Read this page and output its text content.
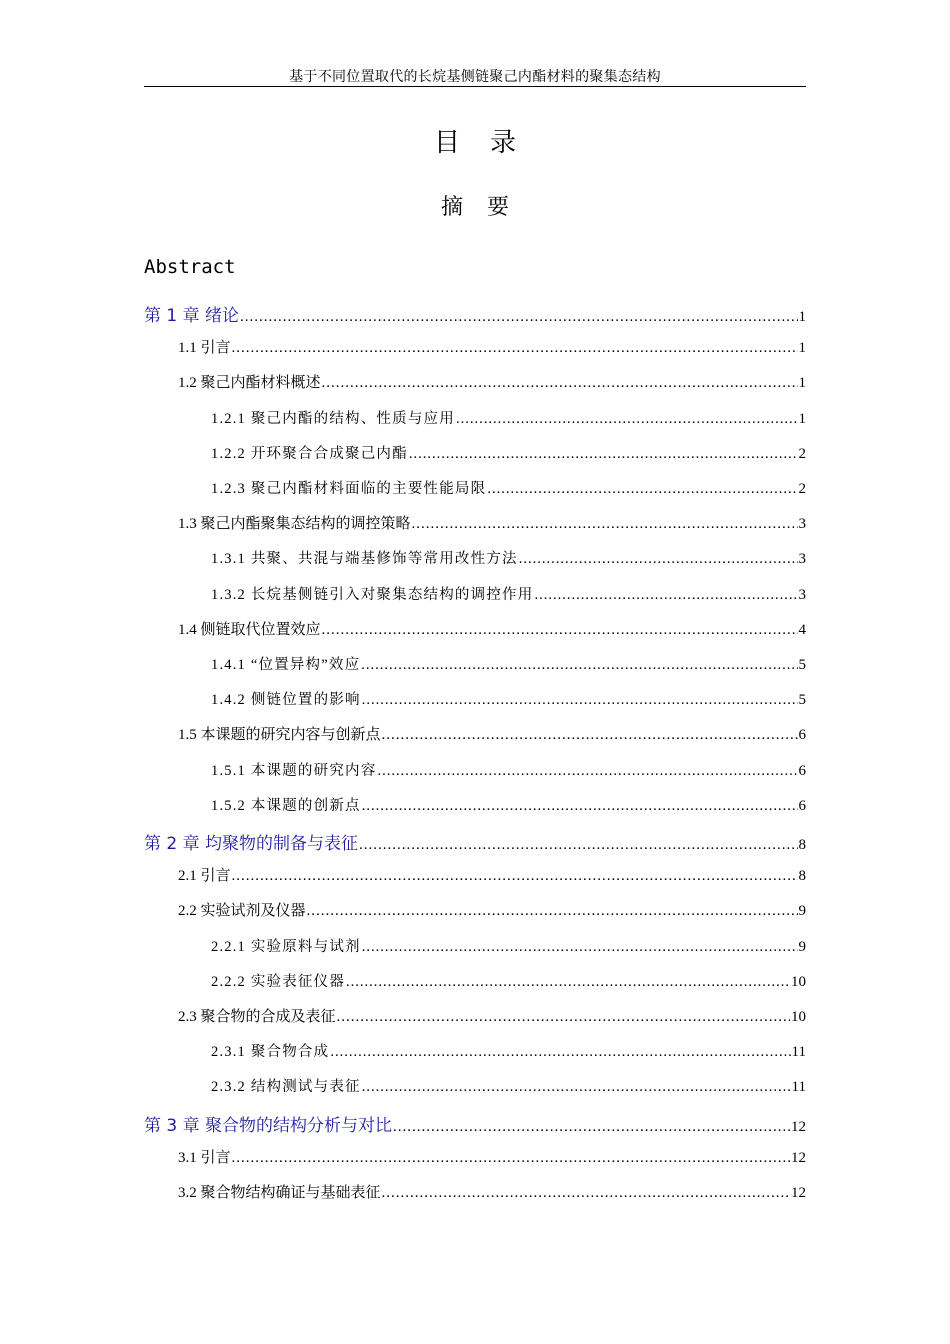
基于不同位置取代的长烷基侧链聚己内酯材料的聚集态结构
目录
摘要
Abstract
第 1 章 绪论 .....	1
1.1 引言 .....	1
1.2 聚己内酯材料概述 .....	1
1.2.1 聚己内酯的结构、性质与应用 .....	1
1.2.2 开环聚合合成聚己内酯 .....	2
1.2.3 聚己内酯材料面临的主要性能局限 .....	2
1.3 聚己内酯聚集态结构的调控策略 .....	3
1.3.1 共聚、共混与端基修饰等常用改性方法 .....	3
1.3.2 长烷基侧链引入对聚集态结构的调控作用 .....	3
1.4 侧链取代位置效应 .....	4
1.4.1 “位置异构”效应 .....	5
1.4.2 侧链位置的影响 .....	5
1.5 本课题的研究内容与创新点 .....	6
1.5.1 本课题的研究内容 .....	6
1.5.2 本课题的创新点 .....	6
第 2 章 均聚物的制备与表征 .....	8
2.1 引言 .....	8
2.2 实验试剂及仪器 .....	9
2.2.1 实验原料与试剂 .....	9
2.2.2 实验表征仪器 .....	10
2.3 聚合物的合成及表征 .....	10
2.3.1 聚合物合成 .....	11
2.3.2 结构测试与表征 .....	11
第 3 章 聚合物的结构分析与对比 .....	12
3.1 引言 .....	12
3.2 聚合物结构确证与基础表征 .....	12
